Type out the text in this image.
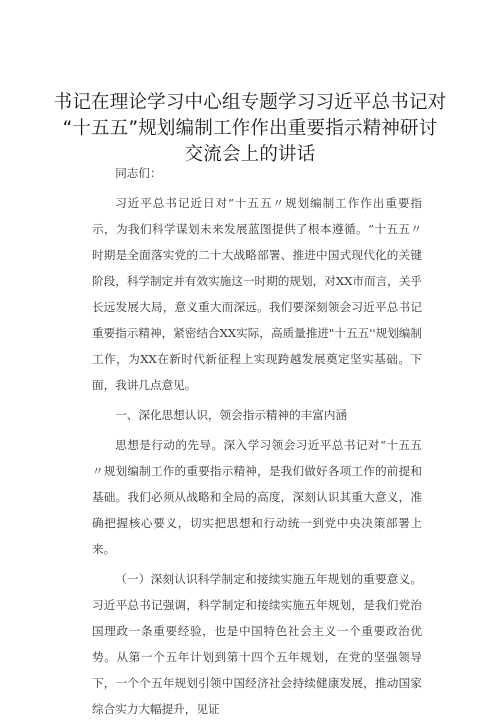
书记在理论学习中心组专题学习习近平总书记对
“十五五”规划编制工作作出重要指示精神研讨
交流会上的讲话

同志们：

习近平总书记近日对“十五五〃规划编制工作作出重要指示，为我们科学谋划未来发展蓝图提供了根本遵循。“十五五〃时期是全面落实党的二十大战略部署、推进中国式现代化的关键阶段，科学制定并有效实施这一时期的规划，对XX市而言，关乎长远发展大局，意义重大而深远。我们要深刻领会习近平总书记重要指示精神，紧密结合XX实际，高质量推进"十五五''规划编制工作，为XX在新时代新征程上实现跨越发展奠定坚实基础。下面，我讲几点意见。

一、深化思想认识，领会指示精神的丰富内涵

思想是行动的先导。深入学习领会习近平总书记对“十五五〃规划编制工作的重要指示精神，是我们做好各项工作的前提和基础。我们必须从战略和全局的高度，深刻认识其重大意义，准确把握核心要义，切实把思想和行动统一到党中央决策部署上来。

（一）深刻认识科学制定和接续实施五年规划的重要意义。习近平总书记强调，科学制定和接续实施五年规划，是我们党治国理政一条重要经验，也是中国特色社会主义一个重要政治优势。从第一个五年计划到第十四个五年规划，在党的坚强领导下，一个个五年规划引领中国经济社会持续健康发展，推动国家综合实力大幅提升，见证
